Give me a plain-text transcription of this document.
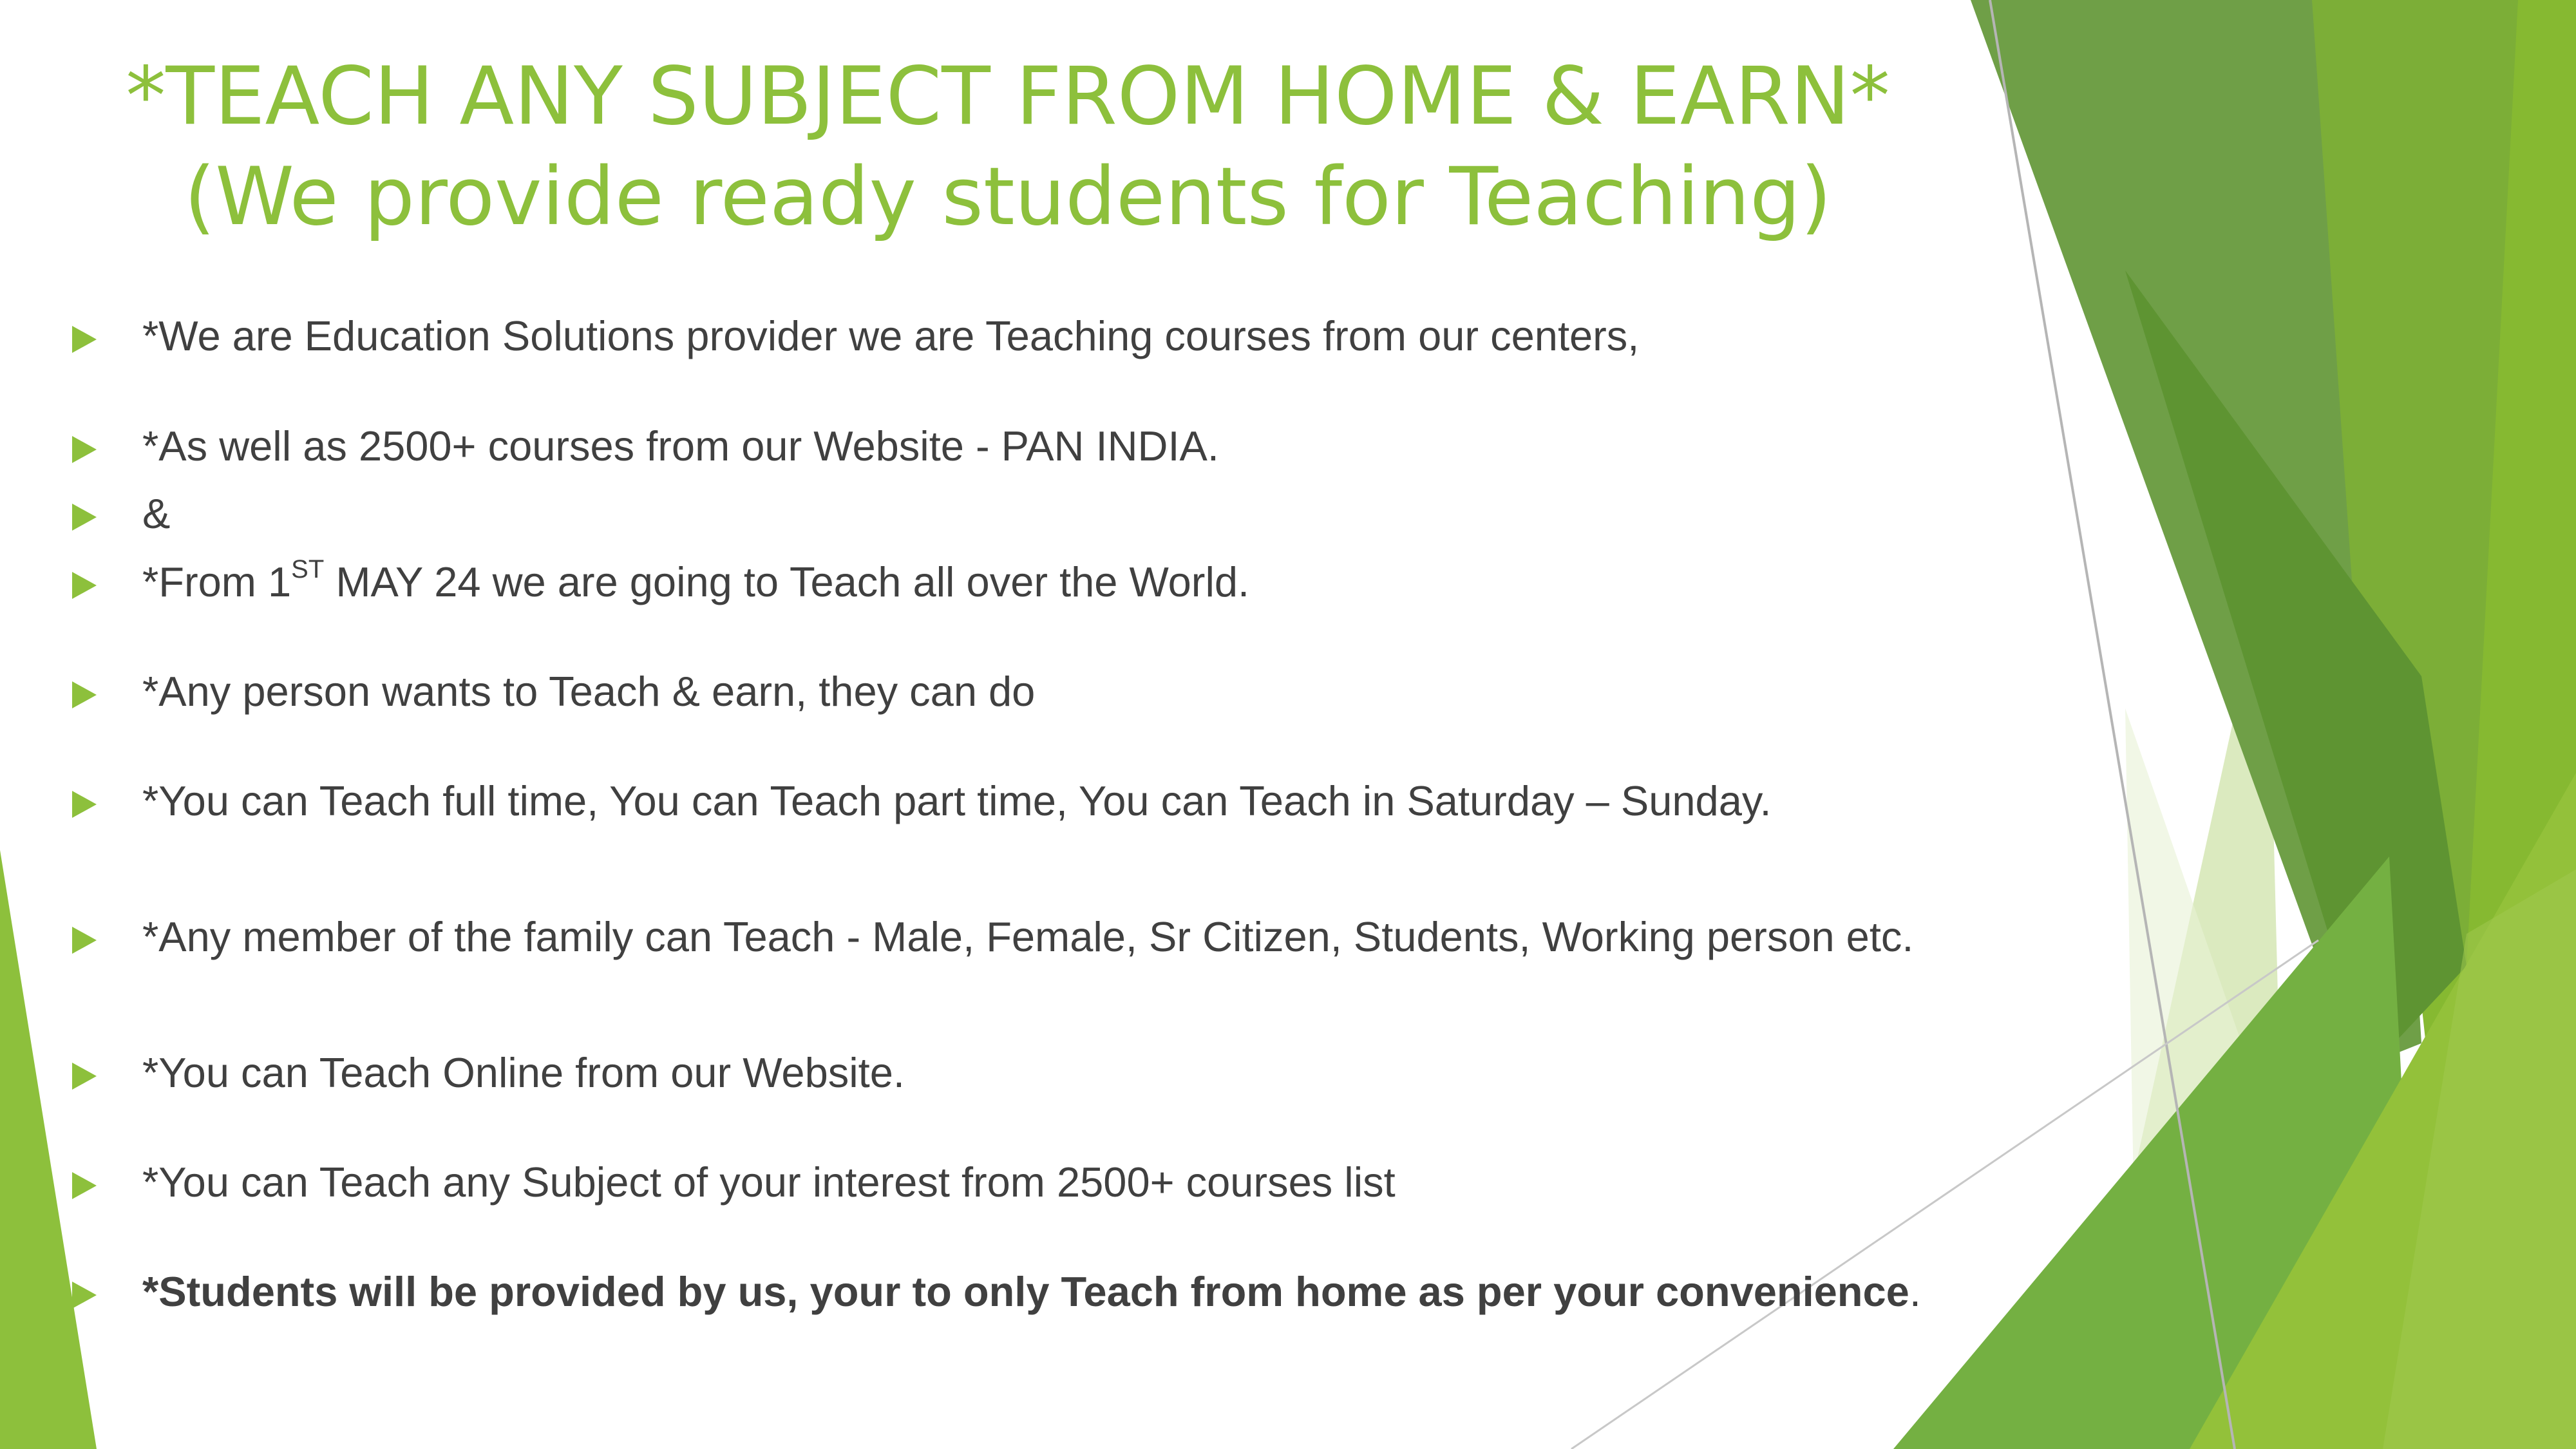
*TEACH ANY SUBJECT FROM HOME & EARN*
(We provide ready students for Teaching)
*We are Education Solutions provider we are Teaching courses from our centers,
*As well as 2500+ courses from our Website - PAN INDIA.
&
*From 1ST MAY 24 we are going to Teach all over the World.
*Any person wants to Teach & earn, they can do
*You can Teach full time, You can Teach part time, You can Teach in Saturday – Sunday.
*Any member of the family can Teach - Male, Female, Sr Citizen, Students, Working person etc.
*You can Teach Online from our Website.
*You can Teach any Subject of your interest from 2500+ courses list
*Students will be provided by us, your to only Teach from home as per your convenience.
